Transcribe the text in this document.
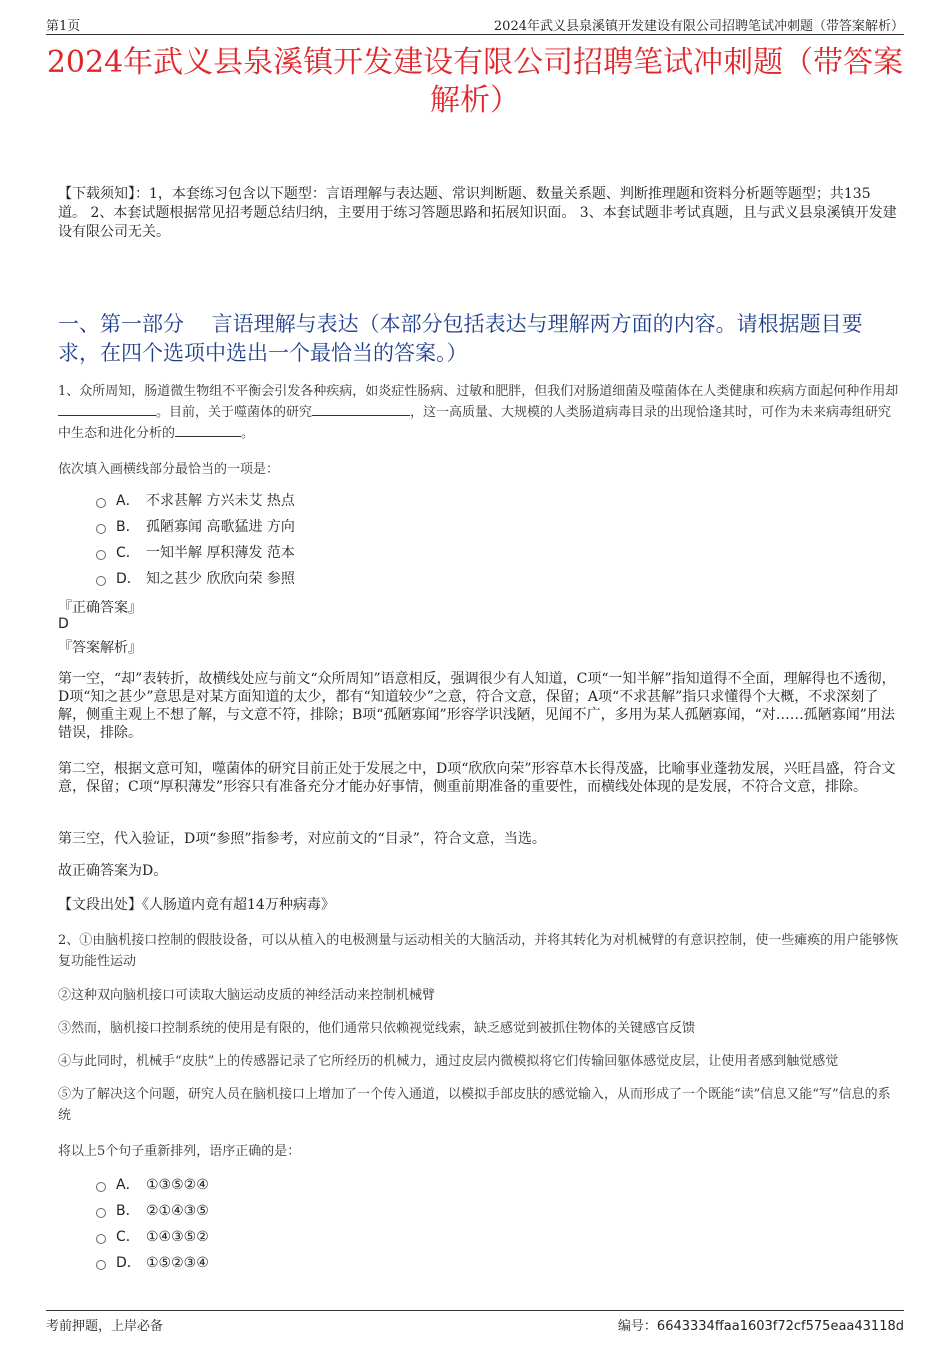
第1页	2024年武义县泉溪镇开发建设有限公司招聘笔试冲刺题（带答案解析）
2024年武义县泉溪镇开发建设有限公司招聘笔试冲刺题（带答案解析）
【下载须知】：1，本套练习包含以下题型：言语理解与表达题、常识判断题、数量关系题、判断推理题和资料分析题等题型；共135道。 2、本套试题根据常见招考题总结归纳，主要用于练习答题思路和拓展知识面。 3、本套试题非考试真题，且与武义县泉溪镇开发建设有限公司无关。
一、第一部分　 言语理解与表达（本部分包括表达与理解两方面的内容。请根据题目要求，在四个选项中选出一个最恰当的答案。）
1、众所周知，肠道微生物组不平衡会引发各种疾病，如炎症性肠病、过敏和肥胖，但我们对肠道细菌及噬菌体在人类健康和疾病方面起何种作用却。目前，关于噬菌体的研究	，这一高质量、大规模的人类肠道病毒目录的出现恰逢其时，可作为未来病毒组研究中生态和进化分析的	。
依次填入画横线部分最恰当的一项是：
A． 不求甚解 方兴未艾 热点
B． 孤陋寡闻 高歌猛进 方向
C． 一知半解 厚积薄发 范本
D． 知之甚少 欣欣向荣 参照
『正确答案』
D
『答案解析』
第一空，“却”表转折，故横线处应与前文“众所周知”语意相反，强调很少有人知道，C项“一知半解”指知道得不全面，理解得也不透彻，D项“知之甚少”意思是对某方面知道的太少，都有“知道较少”之意，符合文意，保留；A项“不求甚解”指只求懂得个大概，不求深刻了解，侧重主观上不想了解，与文意不符，排除；B项“孤陋寡闻”形容学识浅陋，见闻不广，多用为某人孤陋寡闻，“对……孤陋寡闻”用法错误，排除。
第二空，根据文意可知，噬菌体的研究目前正处于发展之中，D项“欣欣向荣”形容草木长得茂盛，比喻事业蓬勃发展，兴旺昌盛，符合文意，保留；C项“厚积薄发”形容只有准备充分才能办好事情，侧重前期准备的重要性，而横线处体现的是发展，不符合文意，排除。
第三空，代入验证，D项“参照”指参考，对应前文的“目录”，符合文意，当选。
故正确答案为D。
【文段出处】《人肠道内竟有超14万种病毒》
2、①由脑机接口控制的假肢设备，可以从植入的电极测量与运动相关的大脑活动，并将其转化为对机械臂的有意识控制，使一些瘫痪的用户能够恢复功能性运动
②这种双向脑机接口可读取大脑运动皮质的神经活动来控制机械臂
③然而，脑机接口控制系统的使用是有限的，他们通常只依赖视觉线索，缺乏感觉到被抓住物体的关键感官反馈
④与此同时，机械手“皮肤”上的传感器记录了它所经历的机械力，通过皮层内微模拟将它们传输回躯体感觉皮层，让使用者感到触觉感觉
⑤为了解决这个问题，研究人员在脑机接口上增加了一个传入通道，以模拟手部皮肤的感觉输入，从而形成了一个既能“读”信息又能“写”信息的系统
将以上5个句子重新排列，语序正确的是：
A． ①③⑤②④
B． ②①④③⑤
C． ①④③⑤②
D． ①⑤②③④
考前押题，上岸必备	编号：6643334ffaa1603f72cf575eaa43118d
